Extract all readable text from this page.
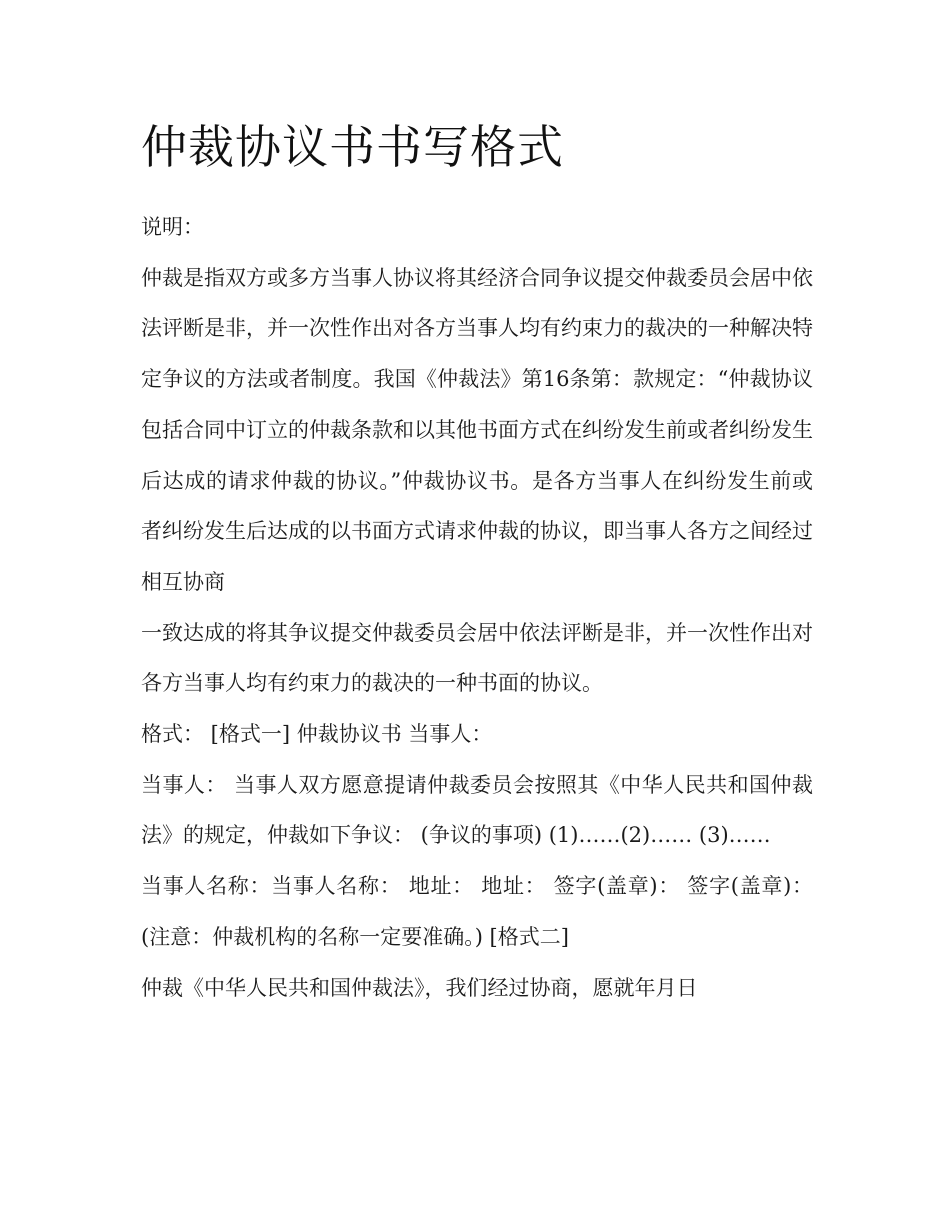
仲裁协议书书写格式

说明：

仲裁是指双方或多方当事人协议将其经济合同争议提交仲裁委员会居中依法评断是非，并一次性作出对各方当事人均有约束力的裁决的一种解决特定争议的方法或者制度。我国《仲裁法》第16条第：款规定：“仲裁协议包括合同中订立的仲裁条款和以其他书面方式在纠纷发生前或者纠纷发生后达成的请求仲裁的协议。”仲裁协议书。是各方当事人在纠纷发生前或者纠纷发生后达成的以书面方式请求仲裁的协议，即当事人各方之间经过相互协商

一致达成的将其争议提交仲裁委员会居中依法评断是非，并一次性作出对各方当事人均有约束力的裁决的一种书面的协议。

格式： [格式一] 仲裁协议书 当事人：

当事人： 当事人双方愿意提请仲裁委员会按照其《中华人民共和国仲裁法》的规定，仲裁如下争议： (争议的事项) (1)……(2)…… (3)……

当事人名称：当事人名称： 地址： 地址： 签字(盖章)： 签字(盖章)： (注意：仲裁机构的名称一定要准确。) [格式二]

仲裁《中华人民共和国仲裁法》，我们经过协商，愿就年月日
